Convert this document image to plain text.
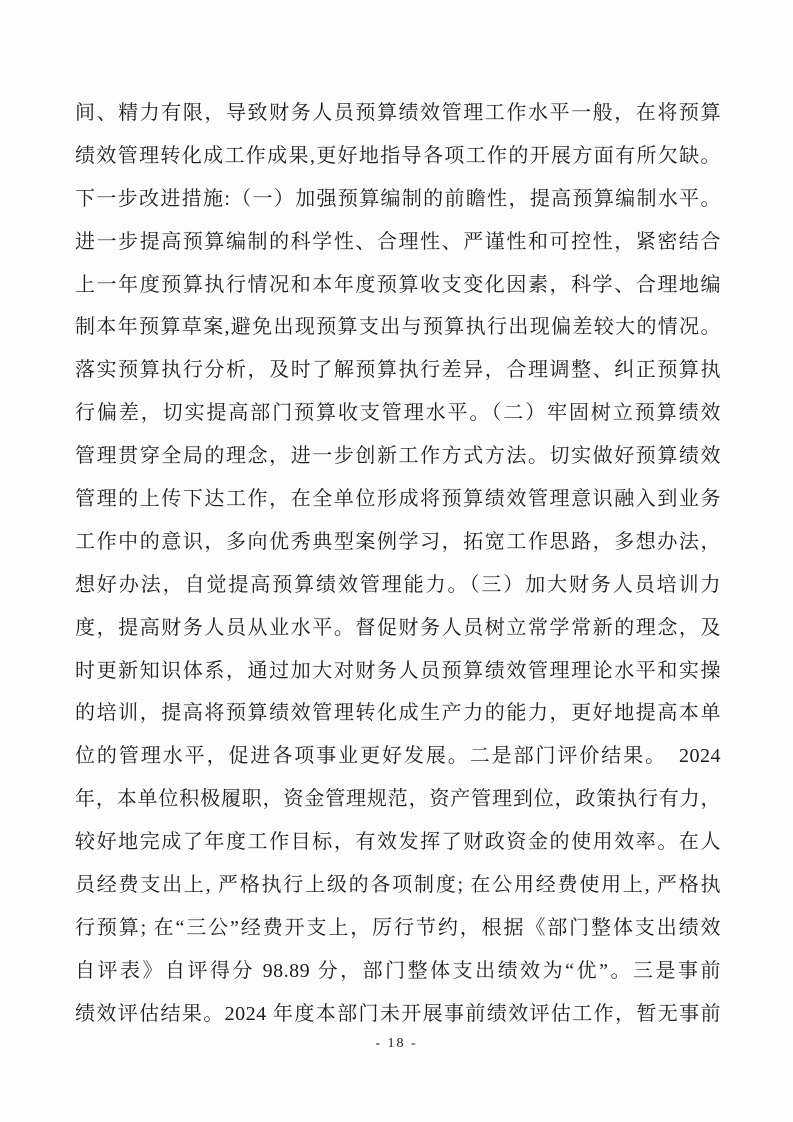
间、精力有限，导致财务人员预算绩效管理工作水平一般，在将预算
绩效管理转化成工作成果,更好地指导各项工作的开展方面有所欠缺。
下一步改进措施:（一）加强预算编制的前瞻性，提高预算编制水平。
进一步提高预算编制的科学性、合理性、严谨性和可控性，紧密结合
上一年度预算执行情况和本年度预算收支变化因素，科学、合理地编
制本年预算草案,避免出现预算支出与预算执行出现偏差较大的情况。
落实预算执行分析，及时了解预算执行差异，合理调整、纠正预算执
行偏差，切实提高部门预算收支管理水平。（二）牢固树立预算绩效
管理贯穿全局的理念，进一步创新工作方式方法。切实做好预算绩效
管理的上传下达工作，在全单位形成将预算绩效管理意识融入到业务
工作中的意识，多向优秀典型案例学习，拓宽工作思路，多想办法，
想好办法，自觉提高预算绩效管理能力。（三）加大财务人员培训力
度，提高财务人员从业水平。督促财务人员树立常学常新的理念，及
时更新知识体系，通过加大对财务人员预算绩效管理理论水平和实操
的培训，提高将预算绩效管理转化成生产力的能力，更好地提高本单
位的管理水平，促进各项事业更好发展。二是部门评价结果。　2024
年，本单位积极履职，资金管理规范，资产管理到位，政策执行有力，
较好地完成了年度工作目标，有效发挥了财政资金的使用效率。在人
员经费支出上, 严格执行上级的各项制度; 在公用经费使用上, 严格执
行预算; 在“三公”经费开支上，厉行节约，根据《部门整体支出绩效
自评表》自评得分 98.89 分，部门整体支出绩效为“优”。三是事前
绩效评估结果。2024 年度本部门未开展事前绩效评估工作，暂无事前
- 18 -
